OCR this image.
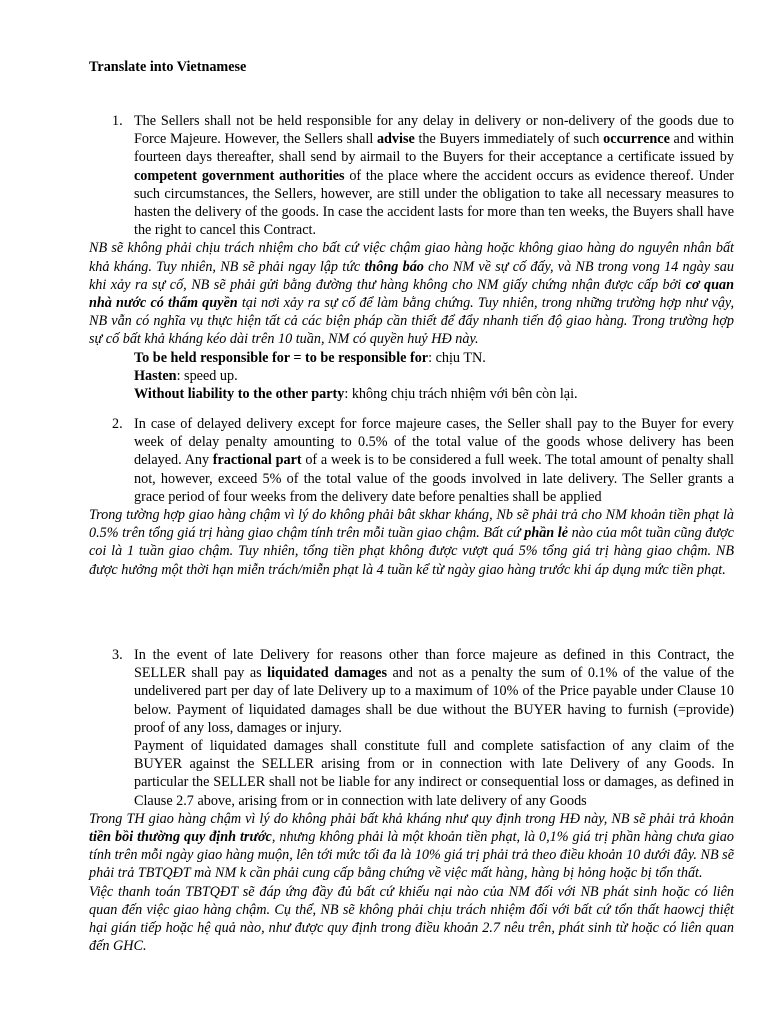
Translate into Vietnamese

1. The Sellers shall not be held responsible for any delay in delivery or non-delivery of the goods due to Force Majeure. However, the Sellers shall advise the Buyers immediately of such occurrence and within fourteen days thereafter, shall send by airmail to the Buyers for their acceptance a certificate issued by competent government authorities of the place where the accident occurs as evidence thereof. Under such circumstances, the Sellers, however, are still under the obligation to take all necessary measures to hasten the delivery of the goods. In case the accident lasts for more than ten weeks, the Buyers shall have the right to cancel this Contract.
NB sẽ không phải chịu trách nhiệm cho bất cứ việc chậm giao hàng hoặc không giao hàng do nguyên nhân bất khả kháng. Tuy nhiên, NB sẽ phải ngay lập tức thông báo cho NM về sự cố đấy, và NB trong vong 14 ngày sau khi xảy ra sự cố, NB sẽ phải gửi bằng đường thư hàng không cho NM giấy chứng nhận được cấp bởi cơ quan nhà nước có thẩm quyền tại nơi xảy ra sự cố để làm bằng chứng. Tuy nhiên, trong những trường hợp như vậy, NB vẫn có nghĩa vụ thực hiện tất cả các biện pháp cần thiết để đẩy nhanh tiến độ giao hàng. Trong trường hợp sự cố bất khả kháng kéo dài trên 10 tuần, NM có quyền huỷ HĐ này.
To be held responsible for = to be responsible for: chịu TN.
Hasten: speed up.
Without liability to the other party: không chịu trách nhiệm với bên còn lại.
2. In case of delayed delivery except for force majeure cases, the Seller shall pay to the Buyer for every week of delay penalty amounting to 0.5% of the total value of the goods whose delivery has been delayed. Any fractional part of a week is to be considered a full week. The total amount of penalty shall not, however, exceed 5% of the total value of the goods involved in late delivery. The Seller grants a grace period of four weeks from the delivery date before penalties shall be applied
Trong tường hợp giao hàng chậm vì lý do không phải bât skhar kháng, Nb sẽ phải trả cho NM khoản tiền phạt là 0.5% trên tổng giá trị hàng giao chậm tính trên mỗi tuần giao chậm. Bất cứ phần lẻ nào của môt tuần cũng được coi là 1 tuần giao chậm. Tuy nhiên, tổng tiền phạt không được vượt quá 5% tổng giá trị hàng giao chậm. NB được hưởng một thời hạn miễn trách/miễn phạt là 4 tuần kể từ ngày giao hàng trước khi áp dụng mức tiền phạt.
3. In the event of late Delivery for reasons other than force majeure as defined in this Contract, the SELLER shall pay as liquidated damages and not as a penalty the sum of 0.1% of the value of the undelivered part per day of late Delivery up to a maximum of 10% of the Price payable under Clause 10 below. Payment of liquidated damages shall be due without the BUYER having to furnish (=provide) proof of any loss, damages or injury.
Payment of liquidated damages shall constitute full and complete satisfaction of any claim of the BUYER against the SELLER arising from or in connection with late Delivery of any Goods. In particular the SELLER shall not be liable for any indirect or consequential loss or damages, as defined in Clause 2.7 above, arising from or in connection with late delivery of any Goods
Trong TH giao hàng chậm vì lý do không phải bất khả kháng như quy định trong HĐ này, NB sẽ phải trả khoản tiền bồi thường quy định trước, nhưng không phải là một khoản tiền phạt, là 0,1% giá trị phần hàng chưa giao tính trên mỗi ngày giao hàng muộn, lên tới mức tối đa là 10% giá trị phải trả theo điều khoản 10 dưới đây. NB sẽ phải trả TBTQĐT mà NM k cần phải cung cấp bằng chứng về việc mất hàng, hàng bị hỏng hoặc bị tổn thất.
Việc thanh toán TBTQĐT sẽ đáp ứng đầy đủ bất cứ khiếu nại nào của NM đối với NB phát sinh hoặc có liên quan đến việc giao hàng chậm. Cụ thể, NB sẽ không phải chịu trách nhiệm đối với bất cứ tổn thất haowcj thiệt hại gián tiếp hoặc hệ quả nào, như được quy định trong điều khoản 2.7 nêu trên, phát sinh từ hoặc có liên quan đến GHC.
